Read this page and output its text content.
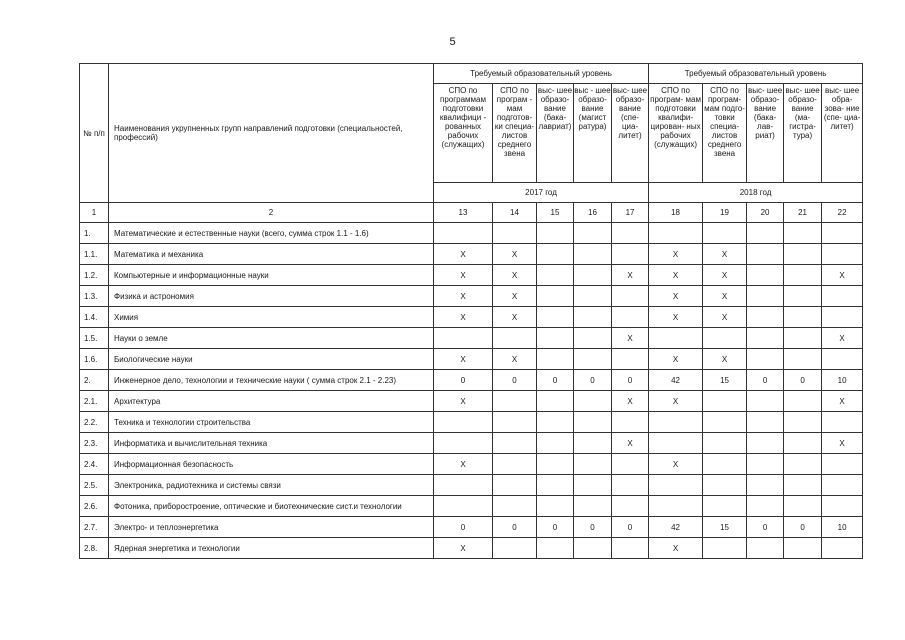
5
№ п/п	Наименования укрупненных групп направлений подготовки (специальностей, профессий)	Требуемый образовательный уровень					Требуемый образовательный уровень				
		СПО по программам подготовки квалифици - рованных рабочих (служащих)	СПО по програм - мам подготов- ки специа- листов среднего звена	выс- шее образо- вание (бака- лавриат)	выс - шее образо- вание (магист ратура)	выс- шее образо- вание (спе- циа- литет)	СПО по програм- мам подготовки квалифи- цирован- ных рабочих (служащих)	СПО по програм- мам подго- товки специа- листов среднего звена	выс- шее образо- вание (бака- лав- риат)	выс- шее образо- вание (ма- гистра- тура)	выс- шее обра- зова- ние (спе- циа- литет)
		2017 год					2018 год				
1	2	13	14	15	16	17	18	19	20	21	22
1.	Математические и естественные науки (всего, сумма строк 1.1 - 1.6)										
1.1.	Математика и механика	X	X				X	X			
1.2.	Компьютерные и информационные науки	X	X			X	X	X			X
1.3.	Физика и астрономия	X	X				X	X			
1.4.	Химия	X	X				X	X			
1.5.	Науки о земле					X					X
1.6.	Биологические науки	X	X				X	X			
2.	Инженерное дело, технологии и технические науки ( сумма строк 2.1 - 2.23)	0	0	0	0	0	42	15	0	0	10
2.1.	Архитектура	X				X	X				X
2.2.	Техника и технологии строительства										
2.3.	Информатика и вычислительная техника					X					X
2.4.	Информационная безопасность	X					X				
2.5.	Электроника, радиотехника и системы связи										
2.6.	Фотоника, приборостроение, оптические и биотехнические сист.и технологии										
2.7.	Электро- и теплоэнергетика	0	0	0	0	0	42	15	0	0	10
2.8.	Ядерная энергетика и технологии	X					X				
